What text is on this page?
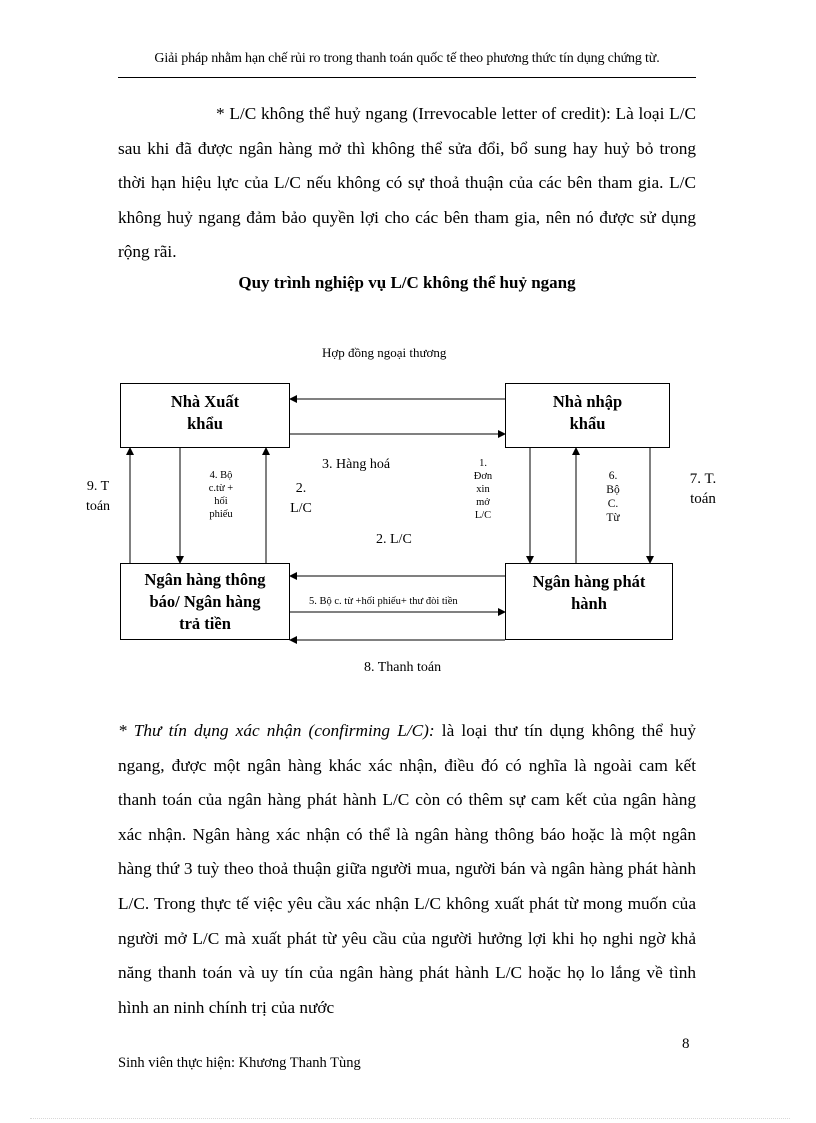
Giải pháp nhằm hạn chế rủi ro trong thanh toán quốc tế theo phương thức tín dụng chứng từ.

* L/C không thể huỷ ngang (Irrevocable letter of credit): Là loại L/C sau khi đã được ngân hàng mở thì không thể sửa đổi, bổ sung hay huỷ bỏ trong thời hạn hiệu lực của L/C nếu không có sự thoả thuận của các bên tham gia. L/C không huỷ ngang đảm bảo quyền lợi cho các bên tham gia, nên nó được sử dụng rộng rãi.

Quy trình nghiệp vụ L/C không thể huỷ ngang
Hợp đồng ngoại thương
Nhà Xuất
khẩu
Nhà nhập
khẩu
Ngân hàng thông
báo/ Ngân hàng
trả tiền
Ngân hàng phát
hành
1.
Đơn
xin
mở
L/C
2.
L/C
2. L/C
3. Hàng hoá
4. Bộ
c.từ +
hối
phiếu
5. Bộ c. từ +hối phiếu+ thư đòi tiền
6.
Bộ
C.
Từ
7. T.
toán
8. Thanh toán
9. T
toán

* Thư tín dụng xác nhận (confirming L/C): là loại thư tín dụng không thể huỷ ngang, được một ngân hàng khác xác nhận, điều đó có nghĩa là ngoài cam kết thanh toán của ngân hàng phát hành L/C còn có thêm sự cam kết của ngân hàng xác nhận. Ngân hàng xác nhận có thể là ngân hàng thông báo hoặc là một ngân hàng thứ 3 tuỳ theo thoả thuận giữa người mua, người bán và ngân hàng phát hành L/C. Trong thực tế việc yêu cầu xác nhận L/C không xuất phát từ mong muốn của người mở L/C mà xuất phát từ yêu cầu của người hưởng lợi khi họ nghi ngờ khả năng thanh toán và uy tín của ngân hàng phát hành L/C hoặc họ lo lắng về tình hình an ninh chính trị của nước

8
Sinh viên thực hiện: Khương Thanh Tùng
